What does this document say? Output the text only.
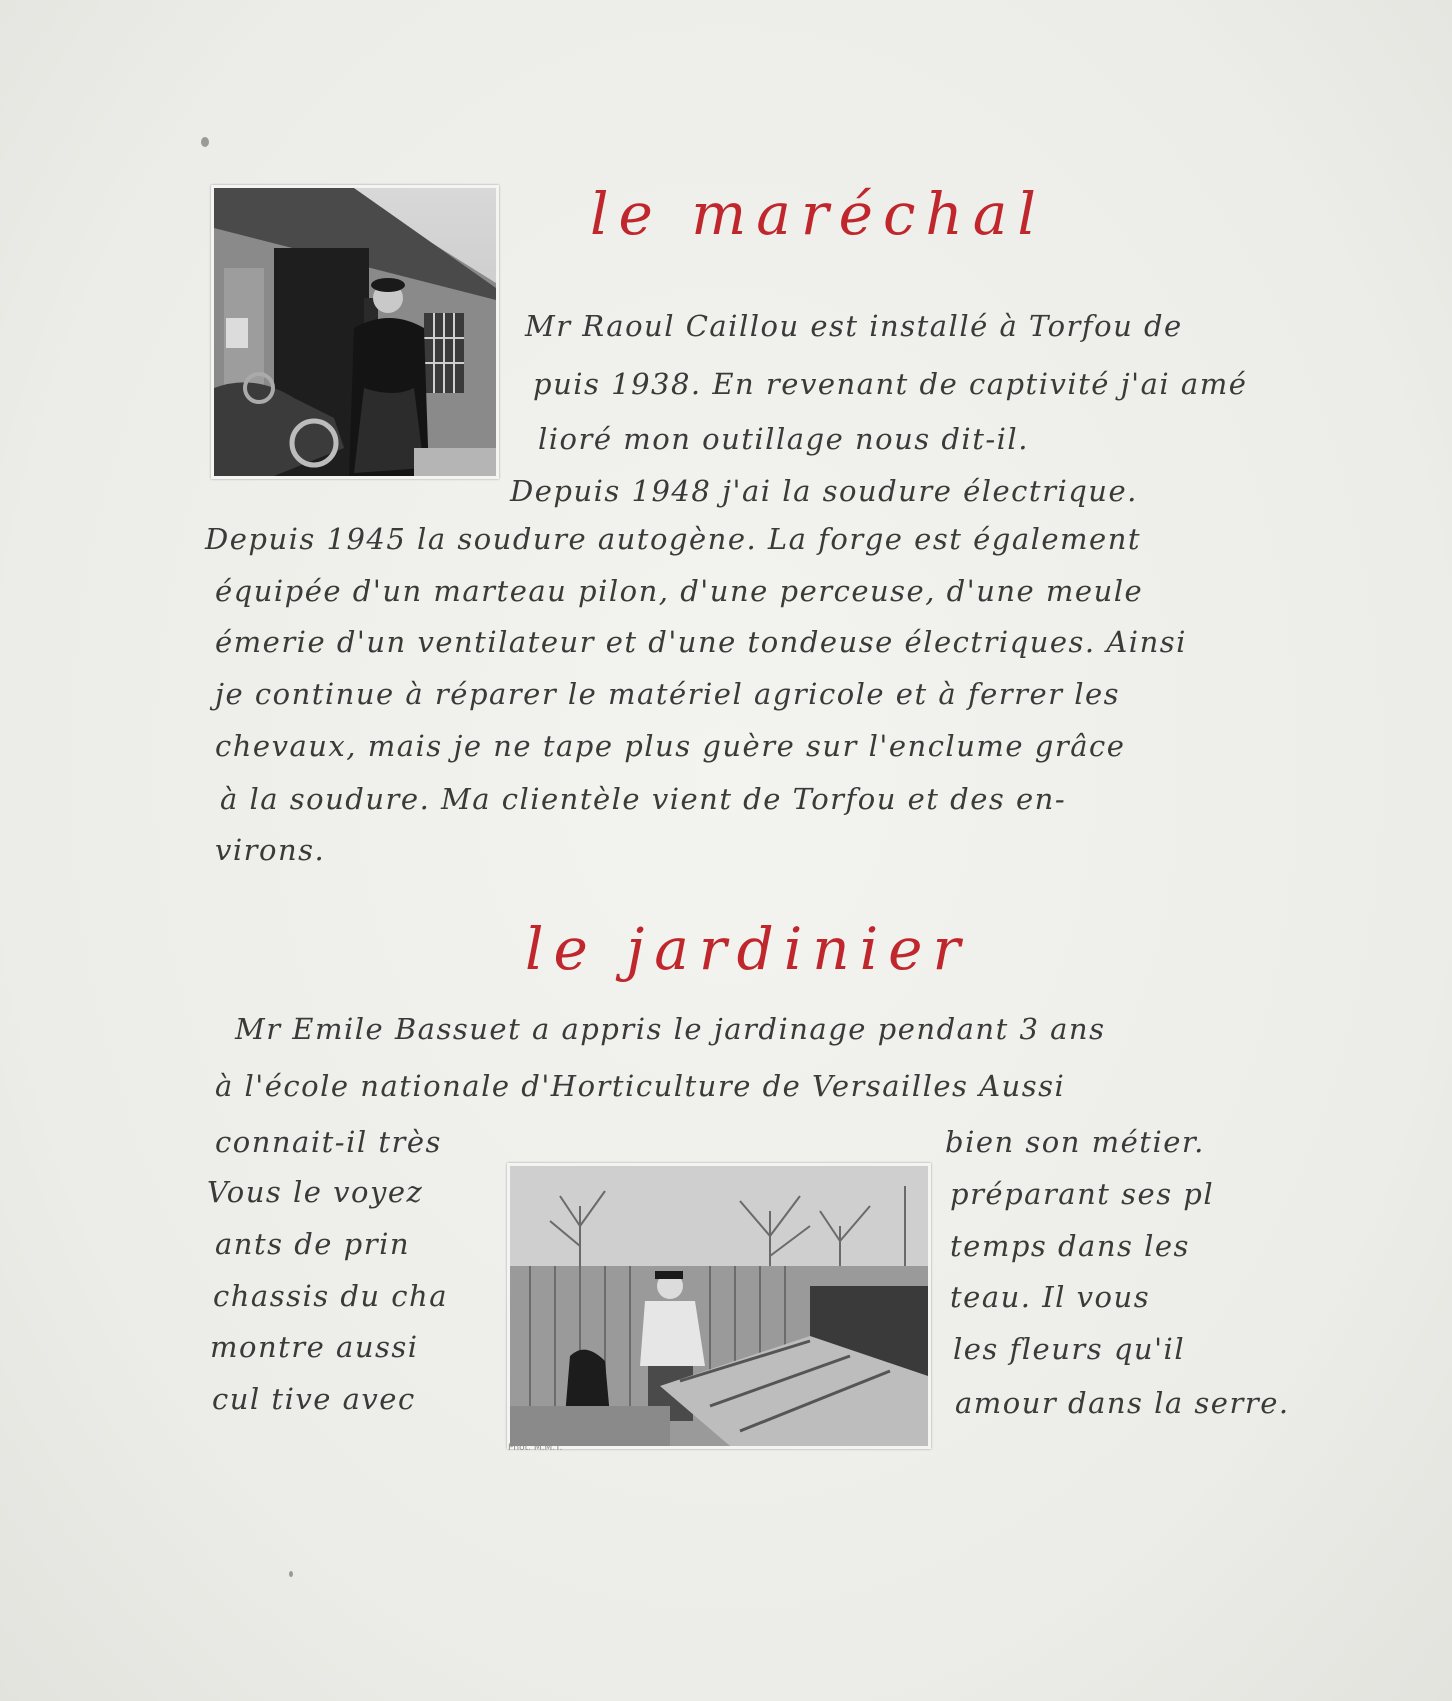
le maréchal
Mr Raoul Caillou est installé à Torfou de
puis 1938. En revenant de captivité j'ai amé
lioré mon outillage nous dit-il.
Depuis 1948 j'ai la soudure électrique.
Depuis 1945 la soudure autogène. La forge est également
équipée d'un marteau pilon, d'une perceuse, d'une meule
émerie d'un ventilateur et d'une tondeuse électriques. Ainsi
je continue à réparer le matériel agricole et à ferrer les
chevaux, mais je ne tape plus guère sur l'enclume grâce
à la soudure. Ma clientèle vient de Torfou et des en-
virons.
le jardinier
Mr Emile Bassuet a appris le jardinage pendant 3 ans
à l'école nationale d'Horticulture de Versailles Aussi
connait-il très
Vous le voyez
ants de prin
chassis du cha
montre aussi
cul tive avec
bien son métier.
préparant ses pl
temps dans les
teau. Il vous
les fleurs qu'il
amour dans la serre.
Phot. M.M.T.
